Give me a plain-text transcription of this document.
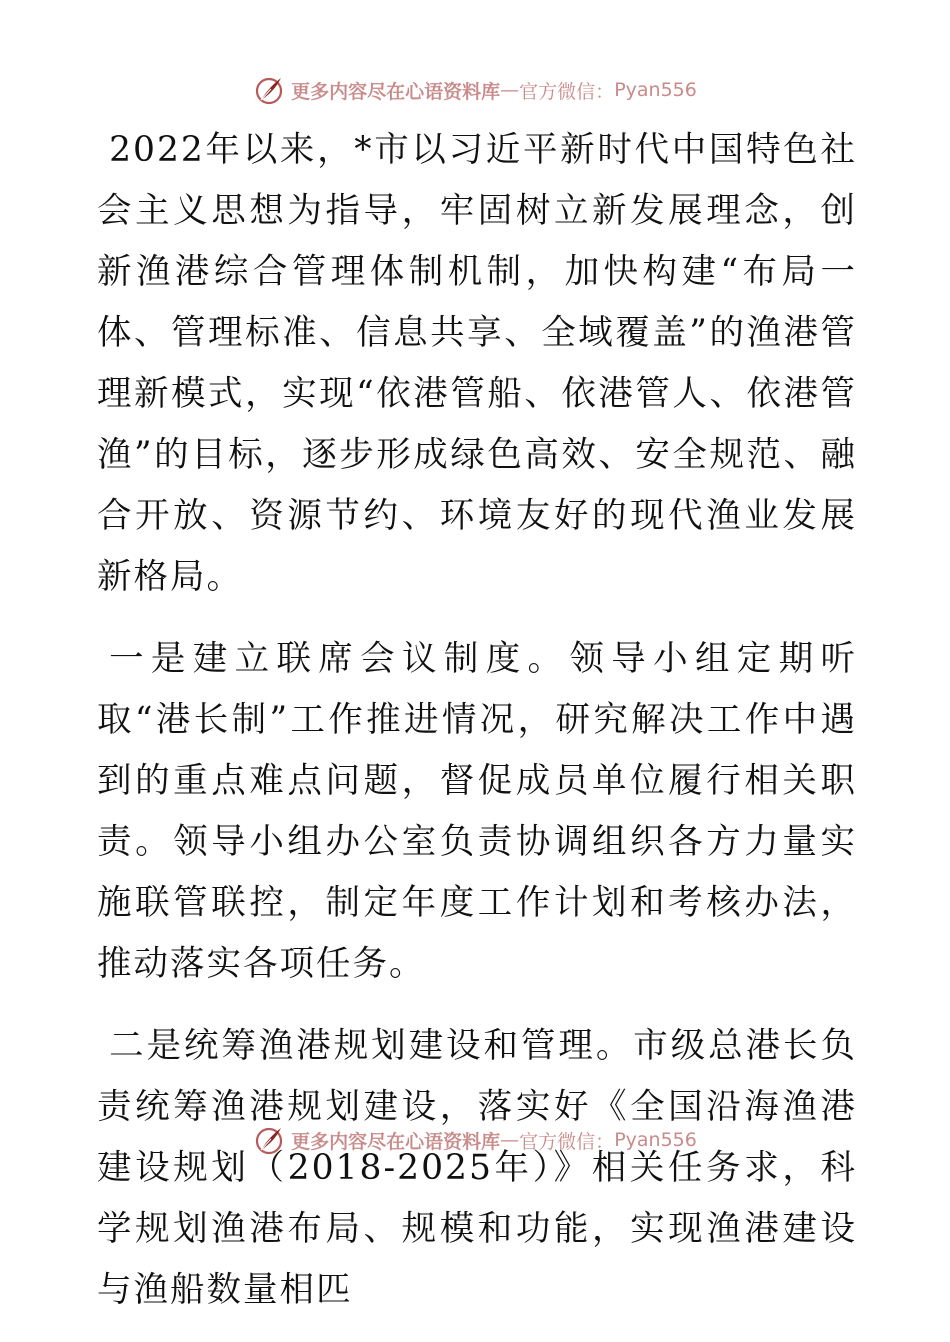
更多内容尽在心语资料库 — 官方微信： Pyan556

2022年以来，*市以习近平新时代中国特色社会主义思想为指导，牢固树立新发展理念，创新渔港综合管理体制机制，加快构建“布局一体、管理标准、信息共享、全域覆盖”的渔港管理新模式，实现“依港管船、依港管人、依港管渔”的目标，逐步形成绿色高效、安全规范、融合开放、资源节约、环境友好的现代渔业发展新格局。

一是建立联席会议制度。领导小组定期听取“港长制”工作推进情况，研究解决工作中遇到的重点难点问题，督促成员单位履行相关职责。领导小组办公室负责协调组织各方力量实施联管联控，制定年度工作计划和考核办法，推动落实各项任务。

二是统筹渔港规划建设和管理。市级总港长负责统筹渔港规划建设，落实好《全国沿海渔港建设规划（2018-2025年）》相关任务求，科学规划渔港布局、规模和功能，实现渔港建设与渔船数量相匹

更多内容尽在心语资料库 — 官方微信： Pyan556
